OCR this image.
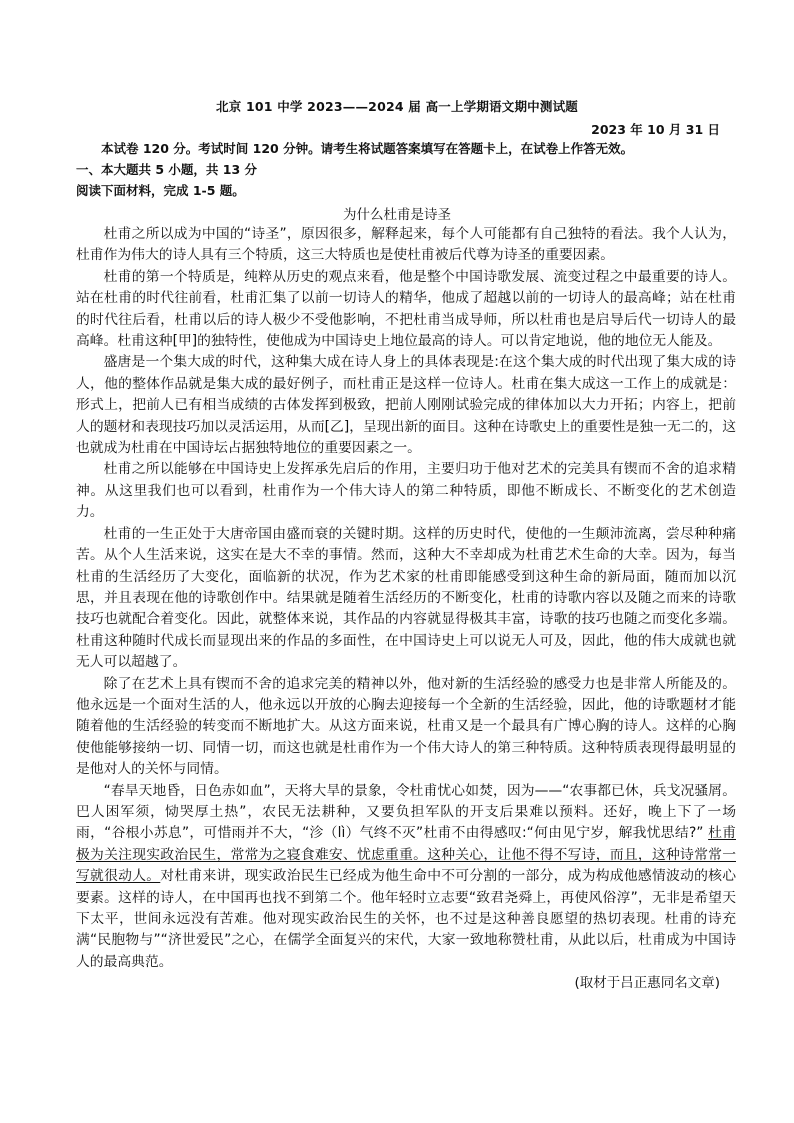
北京 101 中学 2023——2024 届 高一上学期语文期中测试题
2023 年 10 月 31 日
本试卷 120 分。考试时间 120 分钟。请考生将试题答案填写在答题卡上，在试卷上作答无效。
一、本大题共 5 小题，共 13 分
阅读下面材料，完成 1-5 题。
为什么杜甫是诗圣

杜甫之所以成为中国的“诗圣”，原因很多，解释起来，每个人可能都有自己独特的看法。我个人认为，杜甫作为伟大的诗人具有三个特质，这三大特质也是使杜甫被后代尊为诗圣的重要因素。

杜甫的第一个特质是，纯粹从历史的观点来看，他是整个中国诗歌发展、流变过程之中最重要的诗人。站在杜甫的时代往前看，杜甫汇集了以前一切诗人的精华，他成了超越以前的一切诗人的最高峰；站在杜甫的时代往后看，杜甫以后的诗人极少不受他影响，不把杜甫当成导师，所以杜甫也是启导后代一切诗人的最高峰。杜甫这种[甲]的独特性，使他成为中国诗史上地位最高的诗人。可以肯定地说，他的地位无人能及。

盛唐是一个集大成的时代，这种集大成在诗人身上的具体表现是:在这个集大成的时代出现了集大成的诗人，他的整体作品就是集大成的最好例子，而杜甫正是这样一位诗人。杜甫在集大成这一工作上的成就是：形式上，把前人已有相当成绩的古体发挥到极致，把前人刚刚试验完成的律体加以大力开拓；内容上，把前人的题材和表现技巧加以灵活运用，从而[乙]，呈现出新的面目。这种在诗歌史上的重要性是独一无二的，这也就成为杜甫在中国诗坛占据独特地位的重要因素之一。

杜甫之所以能够在中国诗史上发挥承先启后的作用，主要归功于他对艺术的完美具有锲而不舍的追求精神。从这里我们也可以看到，杜甫作为一个伟大诗人的第二种特质，即他不断成长、不断变化的艺术创造力。

杜甫的一生正处于大唐帝国由盛而衰的关键时期。这样的历史时代，使他的一生颠沛流离，尝尽种种痛苦。从个人生活来说，这实在是大不幸的事情。然而，这种大不幸却成为杜甫艺术生命的大幸。因为，每当杜甫的生活经历了大变化，面临新的状况，作为艺术家的杜甫即能感受到这种生命的新局面，随而加以沉思，并且表现在他的诗歌创作中。结果就是随着生活经历的不断变化，杜甫的诗歌内容以及随之而来的诗歌技巧也就配合着变化。因此，就整体来说，其作品的内容就显得极其丰富，诗歌的技巧也随之而变化多端。杜甫这种随时代成长而显现出来的作品的多面性，在中国诗史上可以说无人可及，因此，他的伟大成就也就无人可以超越了。

除了在艺术上具有锲而不舍的追求完美的精神以外，他对新的生活经验的感受力也是非常人所能及的。他永远是一个面对生活的人，他永远以开放的心胸去迎接每一个全新的生活经验，因此，他的诗歌题材才能随着他的生活经验的转变而不断地扩大。从这方面来说，杜甫又是一个最具有广博心胸的诗人。这样的心胸使他能够接纳一切、同情一切，而这也就是杜甫作为一个伟大诗人的第三种特质。这种特质表现得最明显的是他对人的关怀与同情。

“春旱天地昏，日色赤如血”，天将大旱的景象，令杜甫忧心如焚，因为——“农事都已休，兵戈况骚屑。巴人困军须，恸哭厚土热”，农民无法耕种，又要负担军队的开支后果难以预料。还好，晚上下了一场雨，“谷根小苏息”，可惜雨并不大，“沴（lì）气终不灭”杜甫不由得感叹:“何由见宁岁，解我忧思结?” 杜甫极为关注现实政治民生，常常为之寝食难安、忧虑重重。这种关心，让他不得不写诗，而且，这种诗常常一写就很动人。对杜甫来讲，现实政治民生已经成为他生命中不可分割的一部分，成为构成他感情波动的核心要素。这样的诗人，在中国再也找不到第二个。他年轻时立志要“致君尧舜上，再使风俗淳”，无非是希望天下太平，世间永远没有苦难。他对现实政治民生的关怀，也不过是这种善良愿望的热切表现。杜甫的诗充满“民胞物与”“济世爱民”之心，在儒学全面复兴的宋代，大家一致地称赞杜甫，从此以后，杜甫成为中国诗人的最高典范。

(取材于吕正惠同名文章)
